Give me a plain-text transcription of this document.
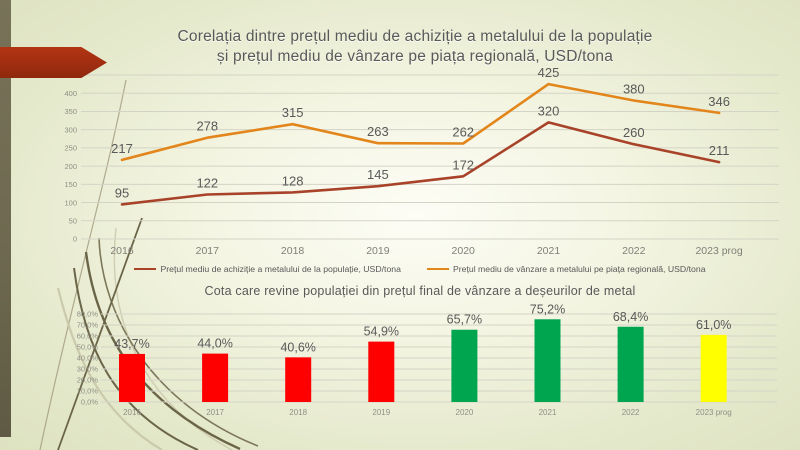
Corelația dintre prețul mediu de achiziție a metalului de la populație
și prețul mediu de vânzare pe piața regională, USD/tona
0
50
100
150
200
250
300
350
400
2016	2017	2018	2019	2020	2021	2022	2023 prog
95
122	128	145
172
320
260
211
217
278
315
263	262
425
380
346
Prețul mediu de achiziție a metalului de la populație, USD/tona	Prețul mediu de vânzare a metalului pe piața regională, USD/tona
Cota care revine populației din prețul final de vânzare a deșeurilor de metal
0,0%
10,0%
20,0%
30,0%
40,0%
50,0%
60,0%
70,0%
80,0%
43,7%
2016
44,0%
2017
40,6%
2018
54,9%
2019
65,7%
2020
75,2%
2021
68,4%
2022
61,0%
2023 prog
